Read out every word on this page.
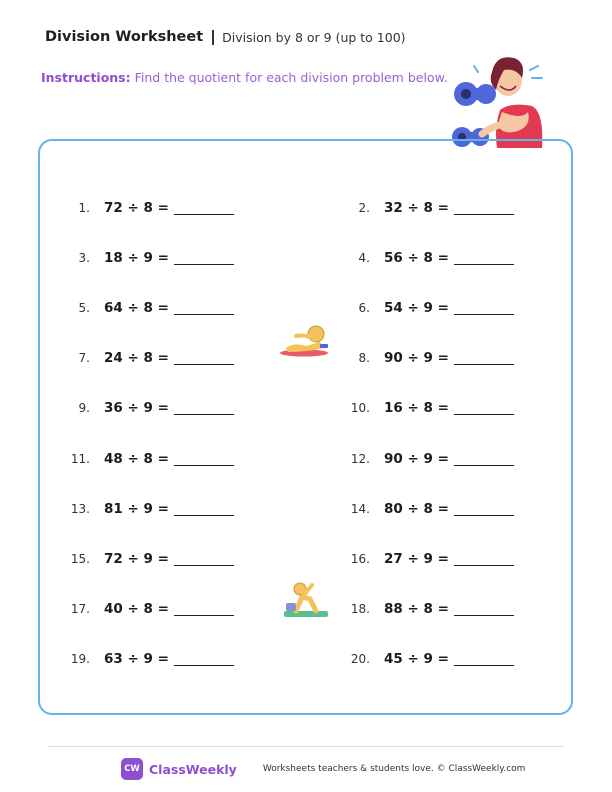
Division Worksheet Division by 8 or 9 (up to 100)
Instructions: Find the quotient for each division problem below.
1. 72 ÷ 8 =	2. 32 ÷ 8 =
3. 18 ÷ 9 =	4. 56 ÷ 8 =
5. 64 ÷ 8 =	6. 54 ÷ 9 =
7. 24 ÷ 8 =	8. 90 ÷ 9 =
9. 36 ÷ 9 =	10. 16 ÷ 8 =
11. 48 ÷ 8 =	12. 90 ÷ 9 =
13. 81 ÷ 9 =	14. 80 ÷ 8 =
15. 72 ÷ 9 =	16. 27 ÷ 9 =
17. 40 ÷ 8 =	18. 88 ÷ 8 =
19. 63 ÷ 9 =	20. 45 ÷ 9 =
CW ClassWeekly	Worksheets teachers & students love. © ClassWeekly.com
